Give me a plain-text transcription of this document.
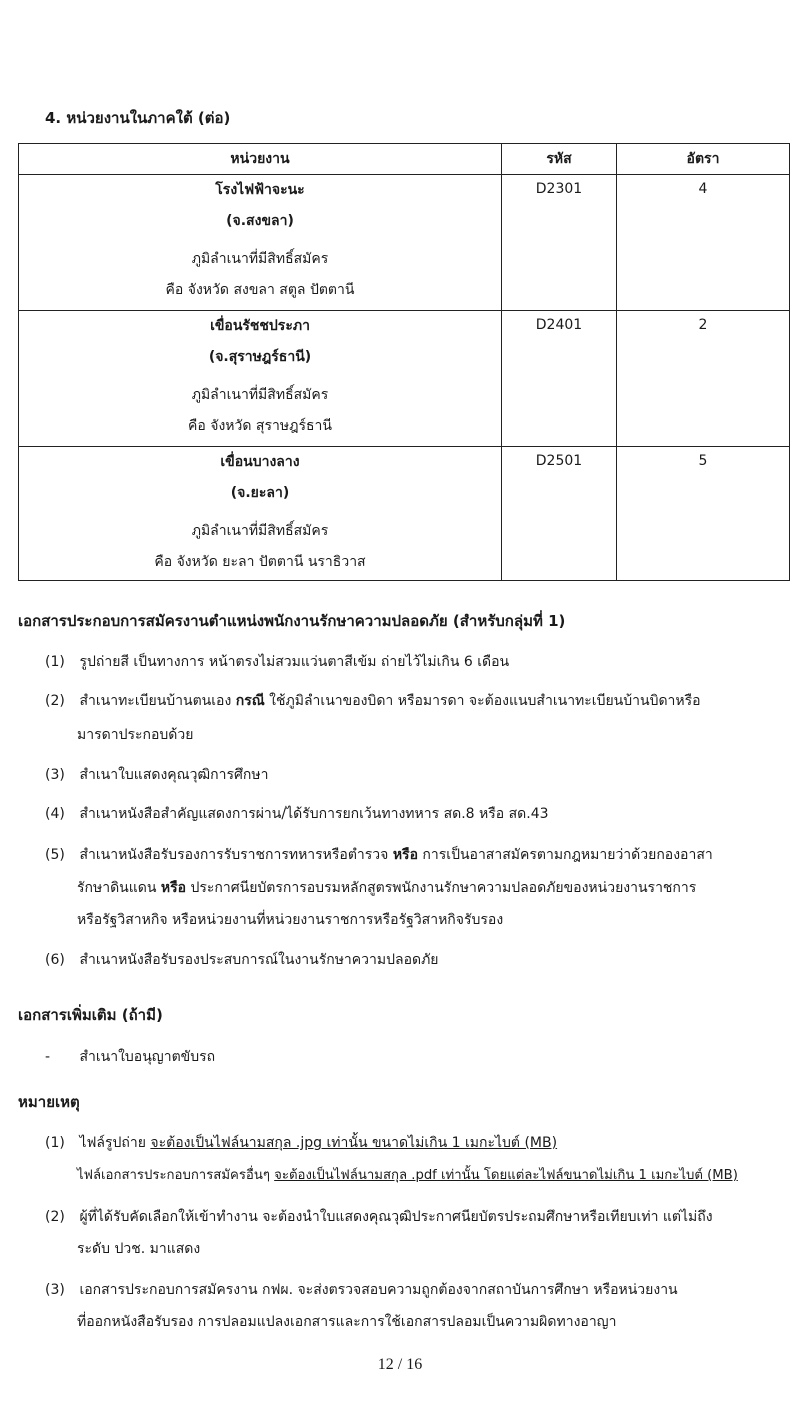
4. หน่วยงานในภาคใต้ (ต่อ)
หน่วยงาน	รหัส	อัตรา

โรงไฟฟ้าจะนะ
(จ.สงขลา)
ภูมิลำเนาที่มีสิทธิ์สมัคร
คือ จังหวัด สงขลา สตูล ปัตตานี	D2301	4

เขื่อนรัชชประภา
(จ.สุราษฎร์ธานี)
ภูมิลำเนาที่มีสิทธิ์สมัคร
คือ จังหวัด สุราษฎร์ธานี	D2401	2

เขื่อนบางลาง
(จ.ยะลา)
ภูมิลำเนาที่มีสิทธิ์สมัคร
คือ จังหวัด ยะลา ปัตตานี นราธิวาส	D2501	5
เอกสารประกอบการสมัครงานตำแหน่งพนักงานรักษาความปลอดภัย (สำหรับกลุ่มที่ 1)
(1) รูปถ่ายสี เป็นทางการ หน้าตรงไม่สวมแว่นตาสีเข้ม ถ่ายไว้ไม่เกิน 6 เดือน
(2) สำเนาทะเบียนบ้านตนเอง กรณี ใช้ภูมิลำเนาของบิดา หรือมารดา จะต้องแนบสำเนาทะเบียนบ้านบิดาหรือ
มารดาประกอบด้วย
(3) สำเนาใบแสดงคุณวุฒิการศึกษา
(4) สำเนาหนังสือสำคัญแสดงการผ่าน/ได้รับการยกเว้นทางทหาร สด.8 หรือ สด.43
(5) สำเนาหนังสือรับรองการรับราชการทหารหรือตำรวจ หรือ การเป็นอาสาสมัครตามกฎหมายว่าด้วยกองอาสา
รักษาดินแดน หรือ ประกาศนียบัตรการอบรมหลักสูตรพนักงานรักษาความปลอดภัยของหน่วยงานราชการ
หรือรัฐวิสาหกิจ หรือหน่วยงานที่หน่วยงานราชการหรือรัฐวิสาหกิจรับรอง
(6) สำเนาหนังสือรับรองประสบการณ์ในงานรักษาความปลอดภัย
เอกสารเพิ่มเติม (ถ้ามี)
- สำเนาใบอนุญาตขับรถ
หมายเหตุ
(1) ไฟล์รูปถ่าย จะต้องเป็นไฟล์นามสกุล .jpg เท่านั้น ขนาดไม่เกิน 1 เมกะไบต์ (MB)
ไฟล์เอกสารประกอบการสมัครอื่นๆ จะต้องเป็นไฟล์นามสกุล .pdf เท่านั้น โดยแต่ละไฟล์ขนาดไม่เกิน 1 เมกะไบต์ (MB)
(2) ผู้ที่ได้รับคัดเลือกให้เข้าทำงาน จะต้องนำใบแสดงคุณวุฒิประกาศนียบัตรประถมศึกษาหรือเทียบเท่า แต่ไม่ถึง
ระดับ ปวช. มาแสดง
(3) เอกสารประกอบการสมัครงาน กฟผ. จะส่งตรวจสอบความถูกต้องจากสถาบันการศึกษา หรือหน่วยงาน
ที่ออกหนังสือรับรอง การปลอมแปลงเอกสารและการใช้เอกสารปลอมเป็นความผิดทางอาญา
12 / 16
